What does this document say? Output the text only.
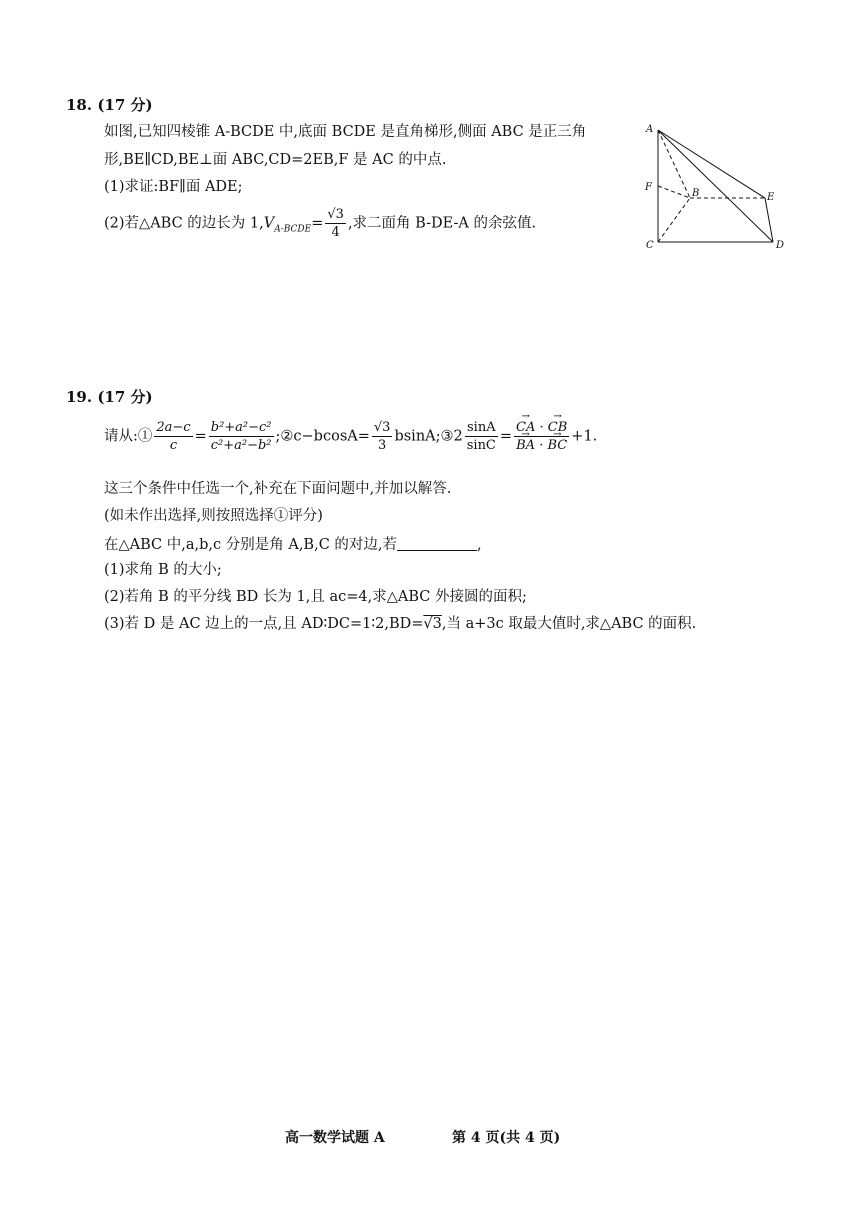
18. (17 分)
如图,已知四棱锥 A-BCDE 中,底面 BCDE 是直角梯形,侧面 ABC 是正三角
形,BE∥CD,BE⊥面 ABC,CD=2EB,F 是 AC 的中点.
(1)求证:BF∥面 ADE;
(2)若△ABC 的边长为 $1,V_{A-BCDE}= \frac{√3}{4}$ ,求二面角 B-DE-A 的余弦值.
A
F
B	E
C	D
19. (17 分)
请从:① $\frac{2a-c}{c} = \frac{\text{b²+a²−c²}}{\text{c²+a²−b²}}$ ;②c−bcosA= $\frac{√3}{3}$ bsinA;③2 $\frac{\sin A}{\sin C}$ = → CA · → CB
→ BA · → BC +1.
这三个条件中任选一个,补充在下面问题中,并加以解答.
(如未作出选择,则按照选择①评分)
在△ABC 中,a,b,c 分别是角 A,B,C 的对边,若	,
(1)求角 B 的大小;
(2)若角 B 的平分线 BD 长为 1,且 ac=4,求△ABC 外接圆的面积;
(3)若 D 是 AC 边上的一点,且 AD∶DC=1∶2,BD=√3,当 a+3c 取最大值时,求△ABC 的面积.
高一数学试题 A	第 4 页(共 4 页)
